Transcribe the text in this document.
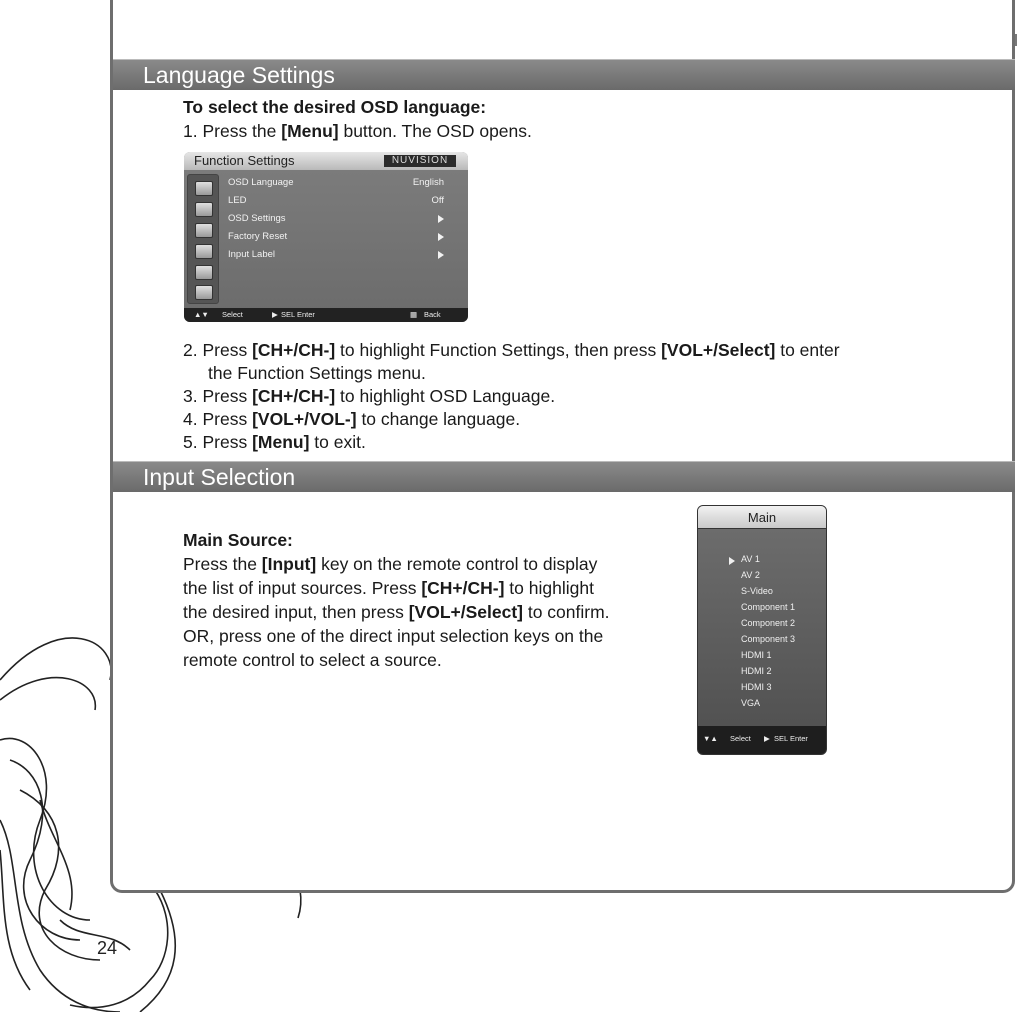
Language Settings
To select the desired OSD language:
1. Press the [Menu] button. The OSD opens.
Function Settings	NUVISION
OSD Language	English
LED	Off
OSD Settings
Factory Reset
Input Label
▲▼ Select	▶ SEL Enter	▦ Back
2. Press [CH+/CH-] to highlight Function Settings, then press [VOL+/Select] to enter
the Function Settings menu.
3. Press [CH+/CH-] to highlight OSD Language.
4. Press [VOL+/VOL-] to change language.
5. Press [Menu] to exit.
Input Selection
Main Source:
Press the [Input] key on the remote control to display
the list of input sources. Press [CH+/CH-] to highlight
the desired input, then press [VOL+/Select] to confirm.
OR, press one of the direct input selection keys on the
remote control to select a source.
Main
AV 1
AV 2
S-Video
Component 1
Component 2
Component 3
HDMI 1
HDMI 2
HDMI 3
VGA
▼▲ Select ▶ SEL Enter
24
